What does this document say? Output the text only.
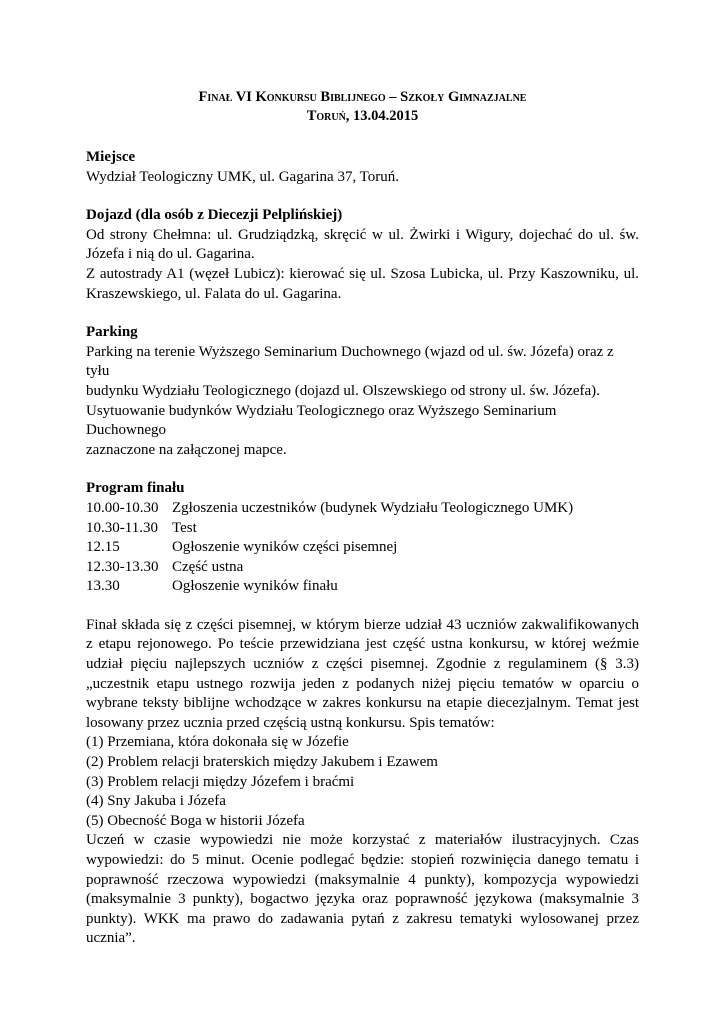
Finał VI Konkursu Biblijnego – Szkoły Gimnazjalne

Toruń, 13.04.2015

Miejsce

Wydział Teologiczny UMK, ul. Gagarina 37, Toruń.

Dojazd (dla osób z Diecezji Pelplińskiej)

Od strony Chełmna: ul. Grudziądzką, skręcić w ul. Żwirki i Wigury, dojechać do ul. św. Józefa i nią do ul. Gagarina.

Z autostrady A1 (węzeł Lubicz): kierować się ul. Szosa Lubicka, ul. Przy Kaszowniku, ul. Kraszewskiego, ul. Falata do ul. Gagarina.

Parking

Parking na terenie Wyższego Seminarium Duchownego (wjazd od ul. św. Józefa) oraz z tyłu

budynku Wydziału Teologicznego (dojazd ul. Olszewskiego od strony ul. św. Józefa).

Usytuowanie budynków Wydziału Teologicznego oraz Wyższego Seminarium Duchownego

zaznaczone na załączonej mapce.

Program finału

10.00-10.30 Zgłoszenia uczestników (budynek Wydziału Teologicznego UMK)
10.30-11.30 Test
12.15	Ogłoszenie wyników części pisemnej
12.30-13.30 Część ustna
13.30	Ogłoszenie wyników finału

Finał składa się z części pisemnej, w którym bierze udział 43 uczniów zakwalifikowanych z etapu rejonowego. Po teście przewidziana jest część ustna konkursu, w której weźmie udział pięciu najlepszych uczniów z części pisemnej. Zgodnie z regulaminem (§ 3.3) „uczestnik etapu ustnego rozwija jeden z podanych niżej pięciu tematów w oparciu o wybrane teksty biblijne wchodzące w zakres konkursu na etapie diecezjalnym. Temat jest losowany przez ucznia przed częścią ustną konkursu. Spis tematów:

(1) Przemiana, która dokonała się w Józefie

(2) Problem relacji braterskich między Jakubem i Ezawem

(3) Problem relacji między Józefem i braćmi

(4) Sny Jakuba i Józefa

(5) Obecność Boga w historii Józefa

Uczeń w czasie wypowiedzi nie może korzystać z materiałów ilustracyjnych. Czas wypowiedzi: do 5 minut. Ocenie podlegać będzie: stopień rozwinięcia danego tematu i poprawność rzeczowa wypowiedzi (maksymalnie 4 punkty), kompozycja wypowiedzi (maksymalnie 3 punkty), bogactwo języka oraz poprawność językowa (maksymalnie 3 punkty). WKK ma prawo do zadawania pytań z zakresu tematyki wylosowanej przez ucznia”.
